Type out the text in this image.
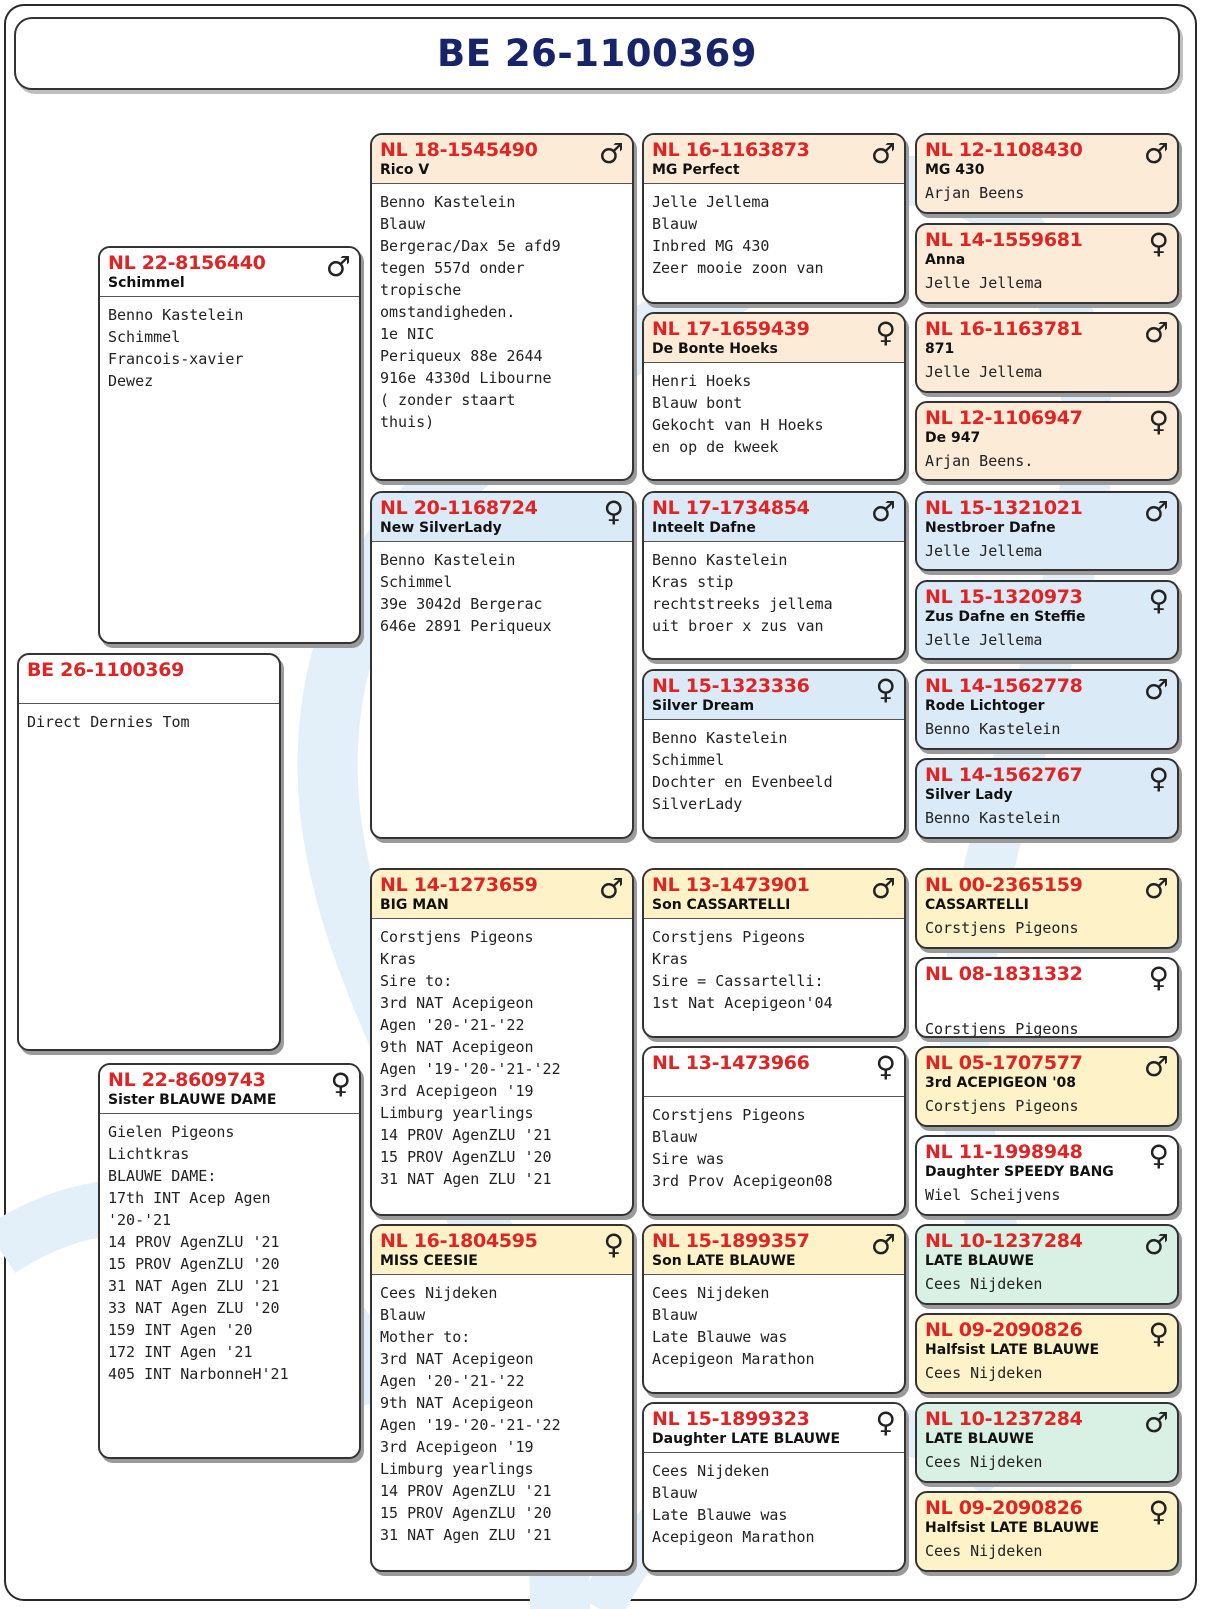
BE 26-1100369
BE 26-1100369
Direct Dernies Tom
NL 22-8156440
Schimmel	♂
Benno Kastelein
Schimmel
Francois-xavier
Dewez
NL 22-8609743
Sister BLAUWE DAME	♀
Gielen Pigeons
Lichtkras
BLAUWE DAME:
17th INT Acep Agen
'20-'21
14 PROV AgenZLU '21
15 PROV AgenZLU '20
31 NAT Agen ZLU '21
33 NAT Agen ZLU '20
159 INT Agen '20
172 INT Agen '21
405 INT NarbonneH'21
NL 18-1545490
Rico V	♂
Benno Kastelein
Blauw
Bergerac/Dax 5e afd9
tegen 557d onder
tropische
omstandigheden.
1e NIC
Periqueux 88e 2644
916e 4330d Libourne
( zonder staart
thuis)
NL 20-1168724
New SilverLady	♀
Benno Kastelein
Schimmel
39e 3042d Bergerac
646e 2891 Periqueux
NL 14-1273659
BIG MAN	♂
Corstjens Pigeons
Kras
Sire to:
3rd NAT Acepigeon
Agen '20-'21-'22
9th NAT Acepigeon
Agen '19-'20-'21-'22
3rd Acepigeon '19
Limburg yearlings
14 PROV AgenZLU '21
15 PROV AgenZLU '20
31 NAT Agen ZLU '21
NL 16-1804595
MISS CEESIE	♀
Cees Nijdeken
Blauw
Mother to:
3rd NAT Acepigeon
Agen '20-'21-'22
9th NAT Acepigeon
Agen '19-'20-'21-'22
3rd Acepigeon '19
Limburg yearlings
14 PROV AgenZLU '21
15 PROV AgenZLU '20
31 NAT Agen ZLU '21
NL 16-1163873
MG Perfect	♂
Jelle Jellema
Blauw
Inbred MG 430
Zeer mooie zoon van
NL 17-1659439
De Bonte Hoeks	♀
Henri Hoeks
Blauw bont
Gekocht van H Hoeks
en op de kweek
NL 17-1734854
Inteelt Dafne	♂
Benno Kastelein
Kras stip
rechtstreeks jellema
uit broer x zus van
NL 15-1323336
Silver Dream	♀
Benno Kastelein
Schimmel
Dochter en Evenbeeld
SilverLady
NL 13-1473901
Son CASSARTELLI	♂
Corstjens Pigeons
Kras
Sire = Cassartelli:
1st Nat Acepigeon'04
NL 13-1473966	♀
Corstjens Pigeons
Blauw
Sire was
3rd Prov Acepigeon08
NL 15-1899357
Son LATE BLAUWE	♂
Cees Nijdeken
Blauw
Late Blauwe was
Acepigeon Marathon
NL 15-1899323
Daughter LATE BLAUWE	♀
Cees Nijdeken
Blauw
Late Blauwe was
Acepigeon Marathon
NL 12-1108430
MG 430	♂
Arjan Beens
NL 14-1559681
Anna	♀
Jelle Jellema
NL 16-1163781
871	♂
Jelle Jellema
NL 12-1106947
De 947	♀
Arjan Beens.
NL 15-1321021
Nestbroer Dafne	♂
Jelle Jellema
NL 15-1320973
Zus Dafne en Steffie	♀
Jelle Jellema
NL 14-1562778
Rode Lichtoger	♂
Benno Kastelein
NL 14-1562767
Silver Lady	♀
Benno Kastelein
NL 00-2365159
CASSARTELLI	♂
Corstjens Pigeons
NL 08-1831332	♀
Corstjens Pigeons
NL 05-1707577
3rd ACEPIGEON '08	♂
Corstjens Pigeons
NL 11-1998948
Daughter SPEEDY BANG	♀
Wiel Scheijvens
NL 10-1237284
LATE BLAUWE	♂
Cees Nijdeken
NL 09-2090826
Halfsist LATE BLAUWE	♀
Cees Nijdeken
NL 10-1237284
LATE BLAUWE	♂
Cees Nijdeken
NL 09-2090826
Halfsist LATE BLAUWE	♀
Cees Nijdeken
